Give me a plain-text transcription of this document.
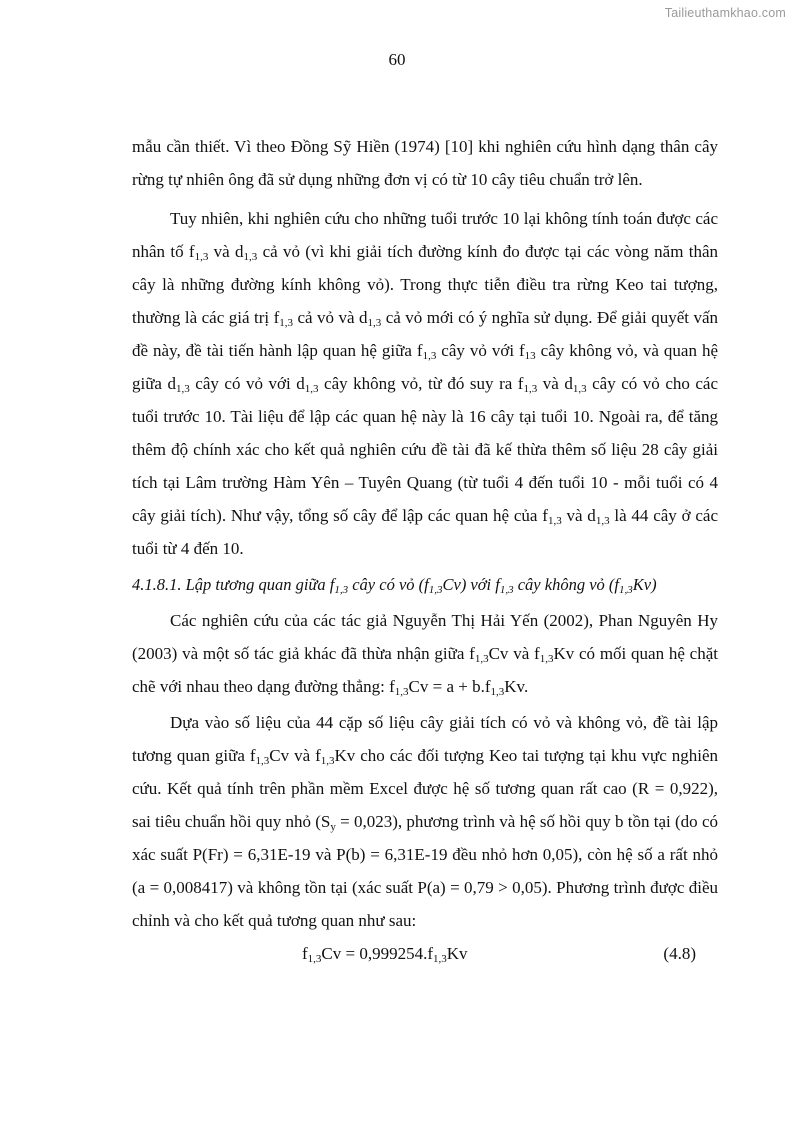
Tailieuthamkhao.com
60

mẫu cần thiết. Vì theo Đồng Sỹ Hiền (1974) [10] khi nghiên cứu hình dạng thân cây rừng tự nhiên ông đã sử dụng những đơn vị có từ 10 cây tiêu chuẩn trở lên.

Tuy nhiên, khi nghiên cứu cho những tuổi trước 10 lại không tính toán được các nhân tố $f_{1,3}$ và $d_{1,3}$ cả vỏ (vì khi giải tích đường kính đo được tại các vòng năm thân cây là những đường kính không vỏ). Trong thực tiễn điều tra rừng Keo tai tượng, thường là các giá trị $f_{1,3}$ cả vỏ và $d_{1,3}$ cả vỏ mới có ý nghĩa sử dụng. Để giải quyết vấn đề này, đề tài tiến hành lập quan hệ giữa $f_{1,3}$ cây vỏ với $f_{13}$ cây không vỏ, và quan hệ giữa $d_{1,3}$ cây có vỏ với $d_{1,3}$ cây không vỏ, từ đó suy ra $f_{1,3}$ và $d_{1,3}$ cây có vỏ cho các tuổi trước 10. Tài liệu để lập các quan hệ này là 16 cây tại tuổi 10. Ngoài ra, để tăng thêm độ chính xác cho kết quả nghiên cứu đề tài đã kế thừa thêm số liệu 28 cây giải tích tại Lâm trường Hàm Yên – Tuyên Quang (từ tuổi 4 đến tuổi 10 - mỗi tuổi có 4 cây giải tích). Như vậy, tổng số cây để lập các quan hệ của $f_{1,3}$ và $d_{1,3}$ là 44 cây ở các tuổi từ 4 đến 10.

4.1.8.1. Lập tương quan giữa $f_{1,3}$ cây có vỏ $(f_{1,3}Cv)$ với $f_{1,3}$ cây không vỏ $(f_{1,3}Kv)$

Các nghiên cứu của các tác giả Nguyễn Thị Hải Yến (2002), Phan Nguyên Hy (2003) và một số tác giả khác đã thừa nhận giữa $f_{1,3}Cv$ và $f_{1,3}Kv$ có mối quan hệ chặt chẽ với nhau theo dạng đường thẳng: $f_{1,3}Cv = a + b.f_{1,3}Kv$.

Dựa vào số liệu của 44 cặp số liệu cây giải tích có vỏ và không vỏ, đề tài lập tương quan giữa $f_{1,3}Cv$ và $f_{1,3}Kv$ cho các đối tượng Keo tai tượng tại khu vực nghiên cứu. Kết quả tính trên phần mềm Excel được hệ số tương quan rất cao (R = 0,922), sai tiêu chuẩn hồi quy nhỏ $(S_y = 0,023)$, phương trình và hệ số hồi quy b tồn tại (do có xác suất P(Fr) = 6,31E-19 và P(b) = 6,31E-19 đều nhỏ hơn 0,05), còn hệ số a rất nhỏ (a = 0,008417) và không tồn tại (xác suất P(a) = 0,79 > 0,05). Phương trình được điều chỉnh và cho kết quả tương quan như sau:

$f_{1,3}Cv = 0,999254.f_{1,3}Kv$	(4.8)
